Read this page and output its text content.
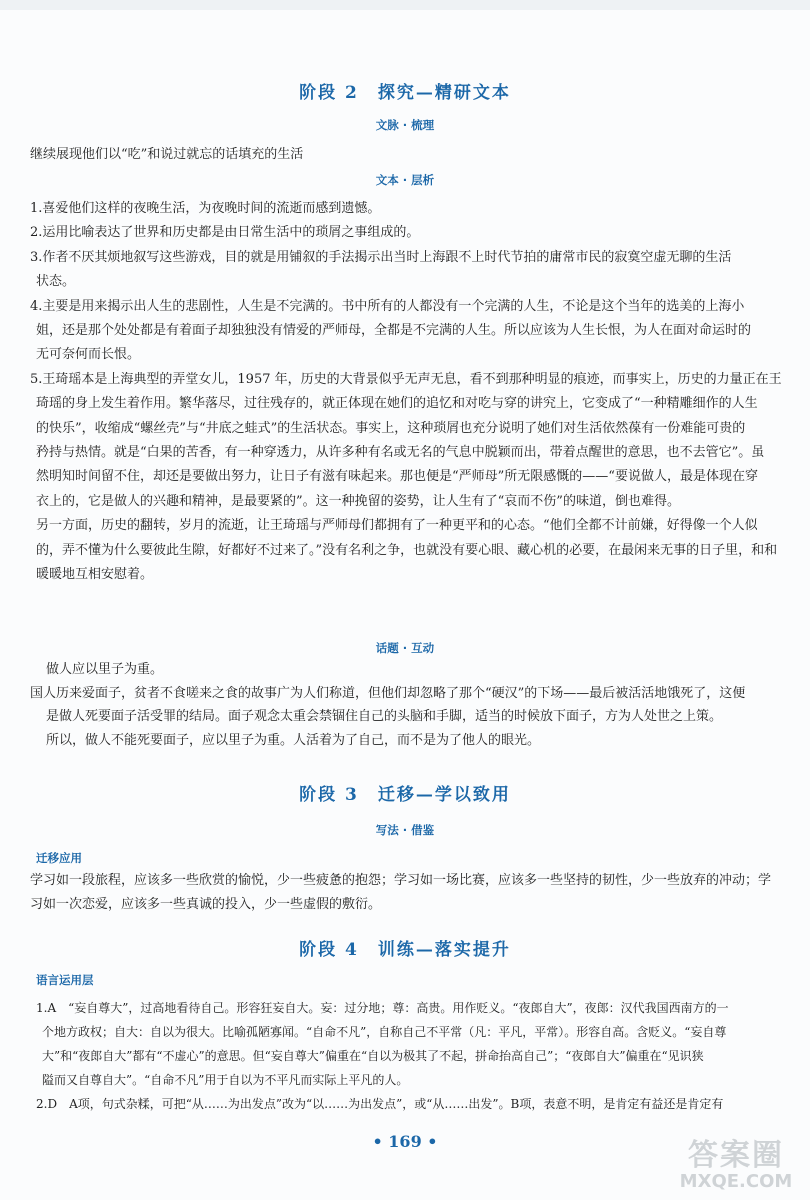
阶段 2　探究—精研文本
文脉 · 梳理
继续展现他们以“吃”和说过就忘的话填充的生活
文本 · 层析
1.喜爱他们这样的夜晚生活，为夜晚时间的流逝而感到遗憾。
2.运用比喻表达了世界和历史都是由日常生活中的琐屑之事组成的。
3.作者不厌其烦地叙写这些游戏，目的就是用铺叙的手法揭示出当时上海跟不上时代节拍的庸常市民的寂寞空虚无聊的生活
状态。
4.主要是用来揭示出人生的悲剧性，人生是不完满的。书中所有的人都没有一个完满的人生，不论是这个当年的选美的上海小
姐，还是那个处处都是有着面子却独独没有情爱的严师母，全都是不完满的人生。所以应该为人生长恨，为人在面对命运时的
无可奈何而长恨。
5.王琦瑶本是上海典型的弄堂女儿，1957 年，历史的大背景似乎无声无息，看不到那种明显的痕迹，而事实上，历史的力量正在王
琦瑶的身上发生着作用。繁华落尽，过往残存的，就正体现在她们的追忆和对吃与穿的讲究上，它变成了“一种精雕细作的人生
的快乐”，收缩成“螺丝壳”与“井底之蛙式”的生活状态。事实上，这种琐屑也充分说明了她们对生活依然葆有一份难能可贵的
矜持与热情。就是“白果的苦香，有一种穿透力，从许多种有名或无名的气息中脱颖而出，带着点醒世的意思，也不去管它”。虽
然明知时间留不住，却还是要做出努力，让日子有滋有味起来。那也便是“严师母”所无限感慨的——“要说做人，最是体现在穿
衣上的，它是做人的兴趣和精神，是最要紧的”。这一种挽留的姿势，让人生有了“哀而不伤”的味道，倒也难得。
另一方面，历史的翻转，岁月的流逝，让王琦瑶与严师母们都拥有了一种更平和的心态。“他们全都不计前嫌，好得像一个人似
的，弄不懂为什么要彼此生隙，好都好不过来了。”没有名利之争，也就没有要心眼、藏心机的必要，在最闲来无事的日子里，和和
暖暖地互相安慰着。
话题 · 互动
做人应以里子为重。
国人历来爱面子，贫者不食嗟来之食的故事广为人们称道，但他们却忽略了那个“硬汉”的下场——最后被活活地饿死了，这便
是做人死要面子活受罪的结局。面子观念太重会禁锢住自己的头脑和手脚，适当的时候放下面子，方为人处世之上策。
所以，做人不能死要面子，应以里子为重。人活着为了自己，而不是为了他人的眼光。
阶段 3　迁移—学以致用
写法 · 借鉴
迁移应用
学习如一段旅程，应该多一些欣赏的愉悦，少一些疲惫的抱怨；学习如一场比赛，应该多一些坚持的韧性，少一些放弃的冲动；学
习如一次恋爱，应该多一些真诚的投入，少一些虚假的敷衍。
阶段 4　训练—落实提升
语言运用层
1.A　“妄自尊大”，过高地看待自己。形容狂妄自大。妄：过分地；尊：高贵。用作贬义。“夜郎自大”，夜郎：汉代我国西南方的一
个地方政权；自大：自以为很大。比喻孤陋寡闻。“自命不凡”，自称自己不平常（凡：平凡，平常）。形容自高。含贬义。“妄自尊
大”和“夜郎自大”都有“不虚心”的意思。但“妄自尊大”偏重在“自以为极其了不起，拼命抬高自己”；“夜郎自大”偏重在“见识狭
隘而又自尊自大”。“自命不凡”用于自以为不平凡而实际上平凡的人。
2.D　A项，句式杂糅，可把“从……为出发点”改为“以……为出发点”，或“从……出发”。B项，表意不明，是肯定有益还是肯定有
• 169 •	答案圈
MXQE.COM
